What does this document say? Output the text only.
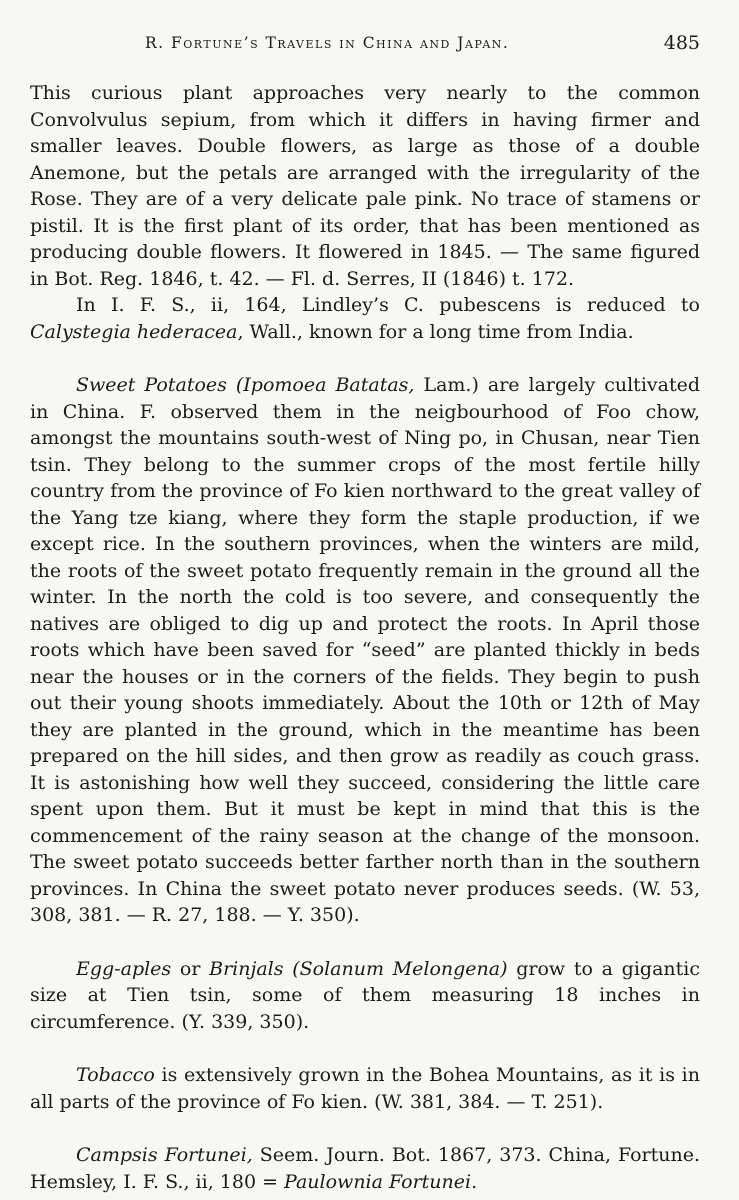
R. Fortune’s Travels in China and Japan.	485

This curious plant approaches very nearly to the common Convolvulus sepium, from which it differs in having firmer and smaller leaves. Double flowers, as large as those of a double Anemone, but the petals are arranged with the irregularity of the Rose. They are of a very delicate pale pink. No trace of stamens or pistil. It is the first plant of its order, that has been mentioned as producing double flowers. It flowered in 1845. — The same figured in Bot. Reg. 1846, t. 42. — Fl. d. Serres, II (1846) t. 172.

In I. F. S., ii, 164, Lindley’s C. pubescens is reduced to Calystegia hederacea, Wall., known for a long time from India.

Sweet Potatoes (Ipomoea Batatas, Lam.) are largely cultivated in China. F. observed them in the neigbourhood of Foo chow, amongst the mountains south-west of Ning po, in Chusan, near Tien tsin. They belong to the summer crops of the most fertile hilly country from the province of Fo kien northward to the great valley of the Yang tze kiang, where they form the staple production, if we except rice. In the southern provinces, when the winters are mild, the roots of the sweet potato frequently remain in the ground all the winter. In the north the cold is too severe, and consequently the natives are obliged to dig up and protect the roots. In April those roots which have been saved for “seed” are planted thickly in beds near the houses or in the corners of the fields. They begin to push out their young shoots immediately. About the 10th or 12th of May they are planted in the ground, which in the meantime has been prepared on the hill sides, and then grow as readily as couch grass. It is astonishing how well they succeed, considering the little care spent upon them. But it must be kept in mind that this is the commencement of the rainy season at the change of the monsoon. The sweet potato succeeds better farther north than in the southern provinces. In China the sweet potato never produces seeds. (W. 53, 308, 381. — R. 27, 188. — Y. 350).

Egg-aples or Brinjals (Solanum Melongena) grow to a gigantic size at Tien tsin, some of them measuring 18 inches in circumference. (Y. 339, 350).

Tobacco is extensively grown in the Bohea Mountains, as it is in all parts of the province of Fo kien. (W. 381, 384. — T. 251).

Campsis Fortunei, Seem. Journ. Bot. 1867, 373. China, Fortune. Hemsley, I. F. S., ii, 180 = Paulownia Fortunei.
